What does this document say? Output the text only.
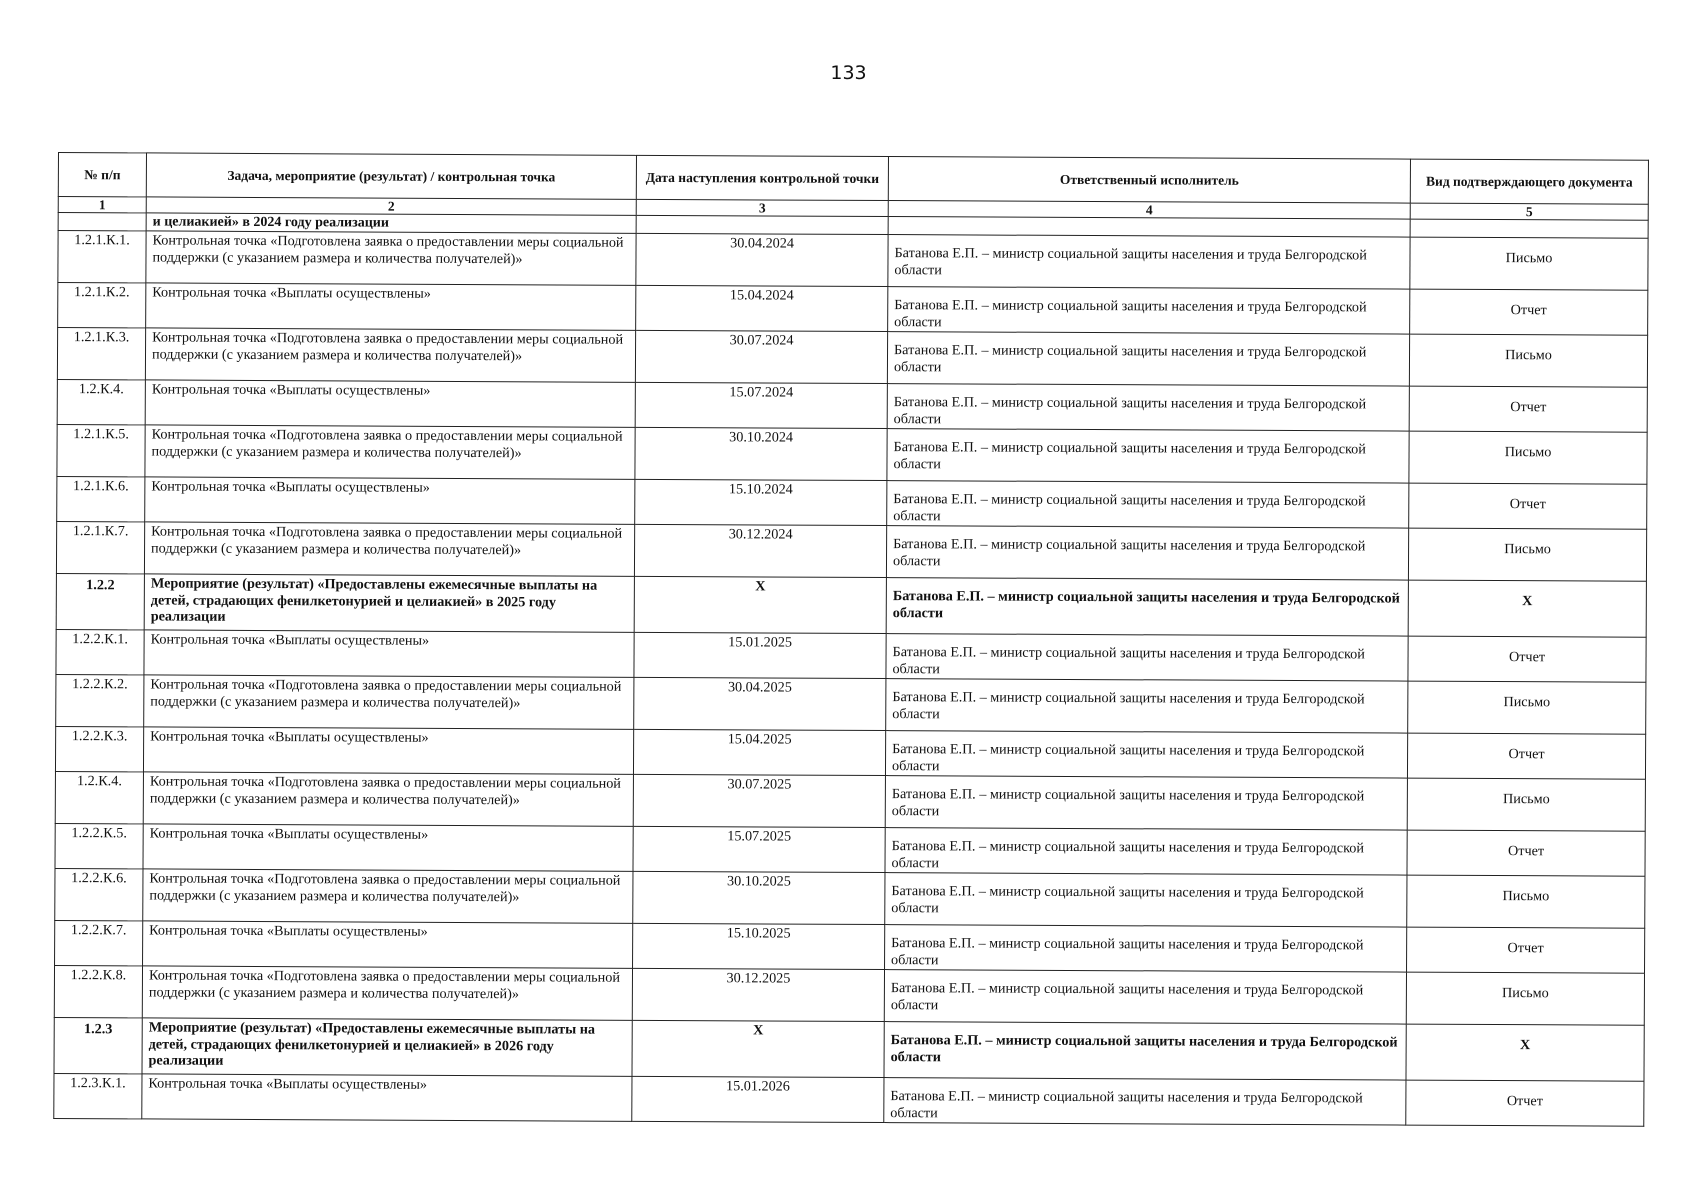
133
№ п/п	Задача, мероприятие (результат) / контрольная точка	Дата наступления контрольной точки	Ответственный исполнитель	Вид подтверждающего документа
1	2	3	4	5
	и целиакией» в 2024 году реализации			
1.2.1.К.1.	Контрольная точка «Подготовлена заявка о предоставлении меры социальной поддержки (с указанием размера и количества получателей)»	30.04.2024	Батанова Е.П. – министр социальной защиты населения и труда Белгородской области	Письмо
1.2.1.К.2.	Контрольная точка «Выплаты осуществлены»	15.04.2024	Батанова Е.П. – министр социальной защиты населения и труда Белгородской области	Отчет
1.2.1.К.3.	Контрольная точка «Подготовлена заявка о предоставлении меры социальной поддержки (с указанием размера и количества получателей)»	30.07.2024	Батанова Е.П. – министр социальной защиты населения и труда Белгородской области	Письмо
1.2.К.4.	Контрольная точка «Выплаты осуществлены»	15.07.2024	Батанова Е.П. – министр социальной защиты населения и труда Белгородской области	Отчет
1.2.1.К.5.	Контрольная точка «Подготовлена заявка о предоставлении меры социальной поддержки (с указанием размера и количества получателей)»	30.10.2024	Батанова Е.П. – министр социальной защиты населения и труда Белгородской области	Письмо
1.2.1.К.6.	Контрольная точка «Выплаты осуществлены»	15.10.2024	Батанова Е.П. – министр социальной защиты населения и труда Белгородской области	Отчет
1.2.1.К.7.	Контрольная точка «Подготовлена заявка о предоставлении меры социальной поддержки (с указанием размера и количества получателей)»	30.12.2024	Батанова Е.П. – министр социальной защиты населения и труда Белгородской области	Письмо
1.2.2	Мероприятие (результат) «Предоставлены ежемесячные выплаты на детей, страдающих фенилкетонурией и целиакией» в 2025 году реализации	Х	Батанова Е.П. – министр социальной защиты населения и труда Белгородской области	Х
1.2.2.К.1.	Контрольная точка «Выплаты осуществлены»	15.01.2025	Батанова Е.П. – министр социальной защиты населения и труда Белгородской области	Отчет
1.2.2.К.2.	Контрольная точка «Подготовлена заявка о предоставлении меры социальной поддержки (с указанием размера и количества получателей)»	30.04.2025	Батанова Е.П. – министр социальной защиты населения и труда Белгородской области	Письмо
1.2.2.К.3.	Контрольная точка «Выплаты осуществлены»	15.04.2025	Батанова Е.П. – министр социальной защиты населения и труда Белгородской области	Отчет
1.2.К.4.	Контрольная точка «Подготовлена заявка о предоставлении меры социальной поддержки (с указанием размера и количества получателей)»	30.07.2025	Батанова Е.П. – министр социальной защиты населения и труда Белгородской области	Письмо
1.2.2.К.5.	Контрольная точка «Выплаты осуществлены»	15.07.2025	Батанова Е.П. – министр социальной защиты населения и труда Белгородской области	Отчет
1.2.2.К.6.	Контрольная точка «Подготовлена заявка о предоставлении меры социальной поддержки (с указанием размера и количества получателей)»	30.10.2025	Батанова Е.П. – министр социальной защиты населения и труда Белгородской области	Письмо
1.2.2.К.7.	Контрольная точка «Выплаты осуществлены»	15.10.2025	Батанова Е.П. – министр социальной защиты населения и труда Белгородской области	Отчет
1.2.2.К.8.	Контрольная точка «Подготовлена заявка о предоставлении меры социальной поддержки (с указанием размера и количества получателей)»	30.12.2025	Батанова Е.П. – министр социальной защиты населения и труда Белгородской области	Письмо
1.2.3	Мероприятие (результат) «Предоставлены ежемесячные выплаты на детей, страдающих фенилкетонурией и целиакией» в 2026 году реализации	Х	Батанова Е.П. – министр социальной защиты населения и труда Белгородской области	Х
1.2.3.К.1.	Контрольная точка «Выплаты осуществлены»	15.01.2026	Батанова Е.П. – министр социальной защиты населения и труда Белгородской области	Отчет
